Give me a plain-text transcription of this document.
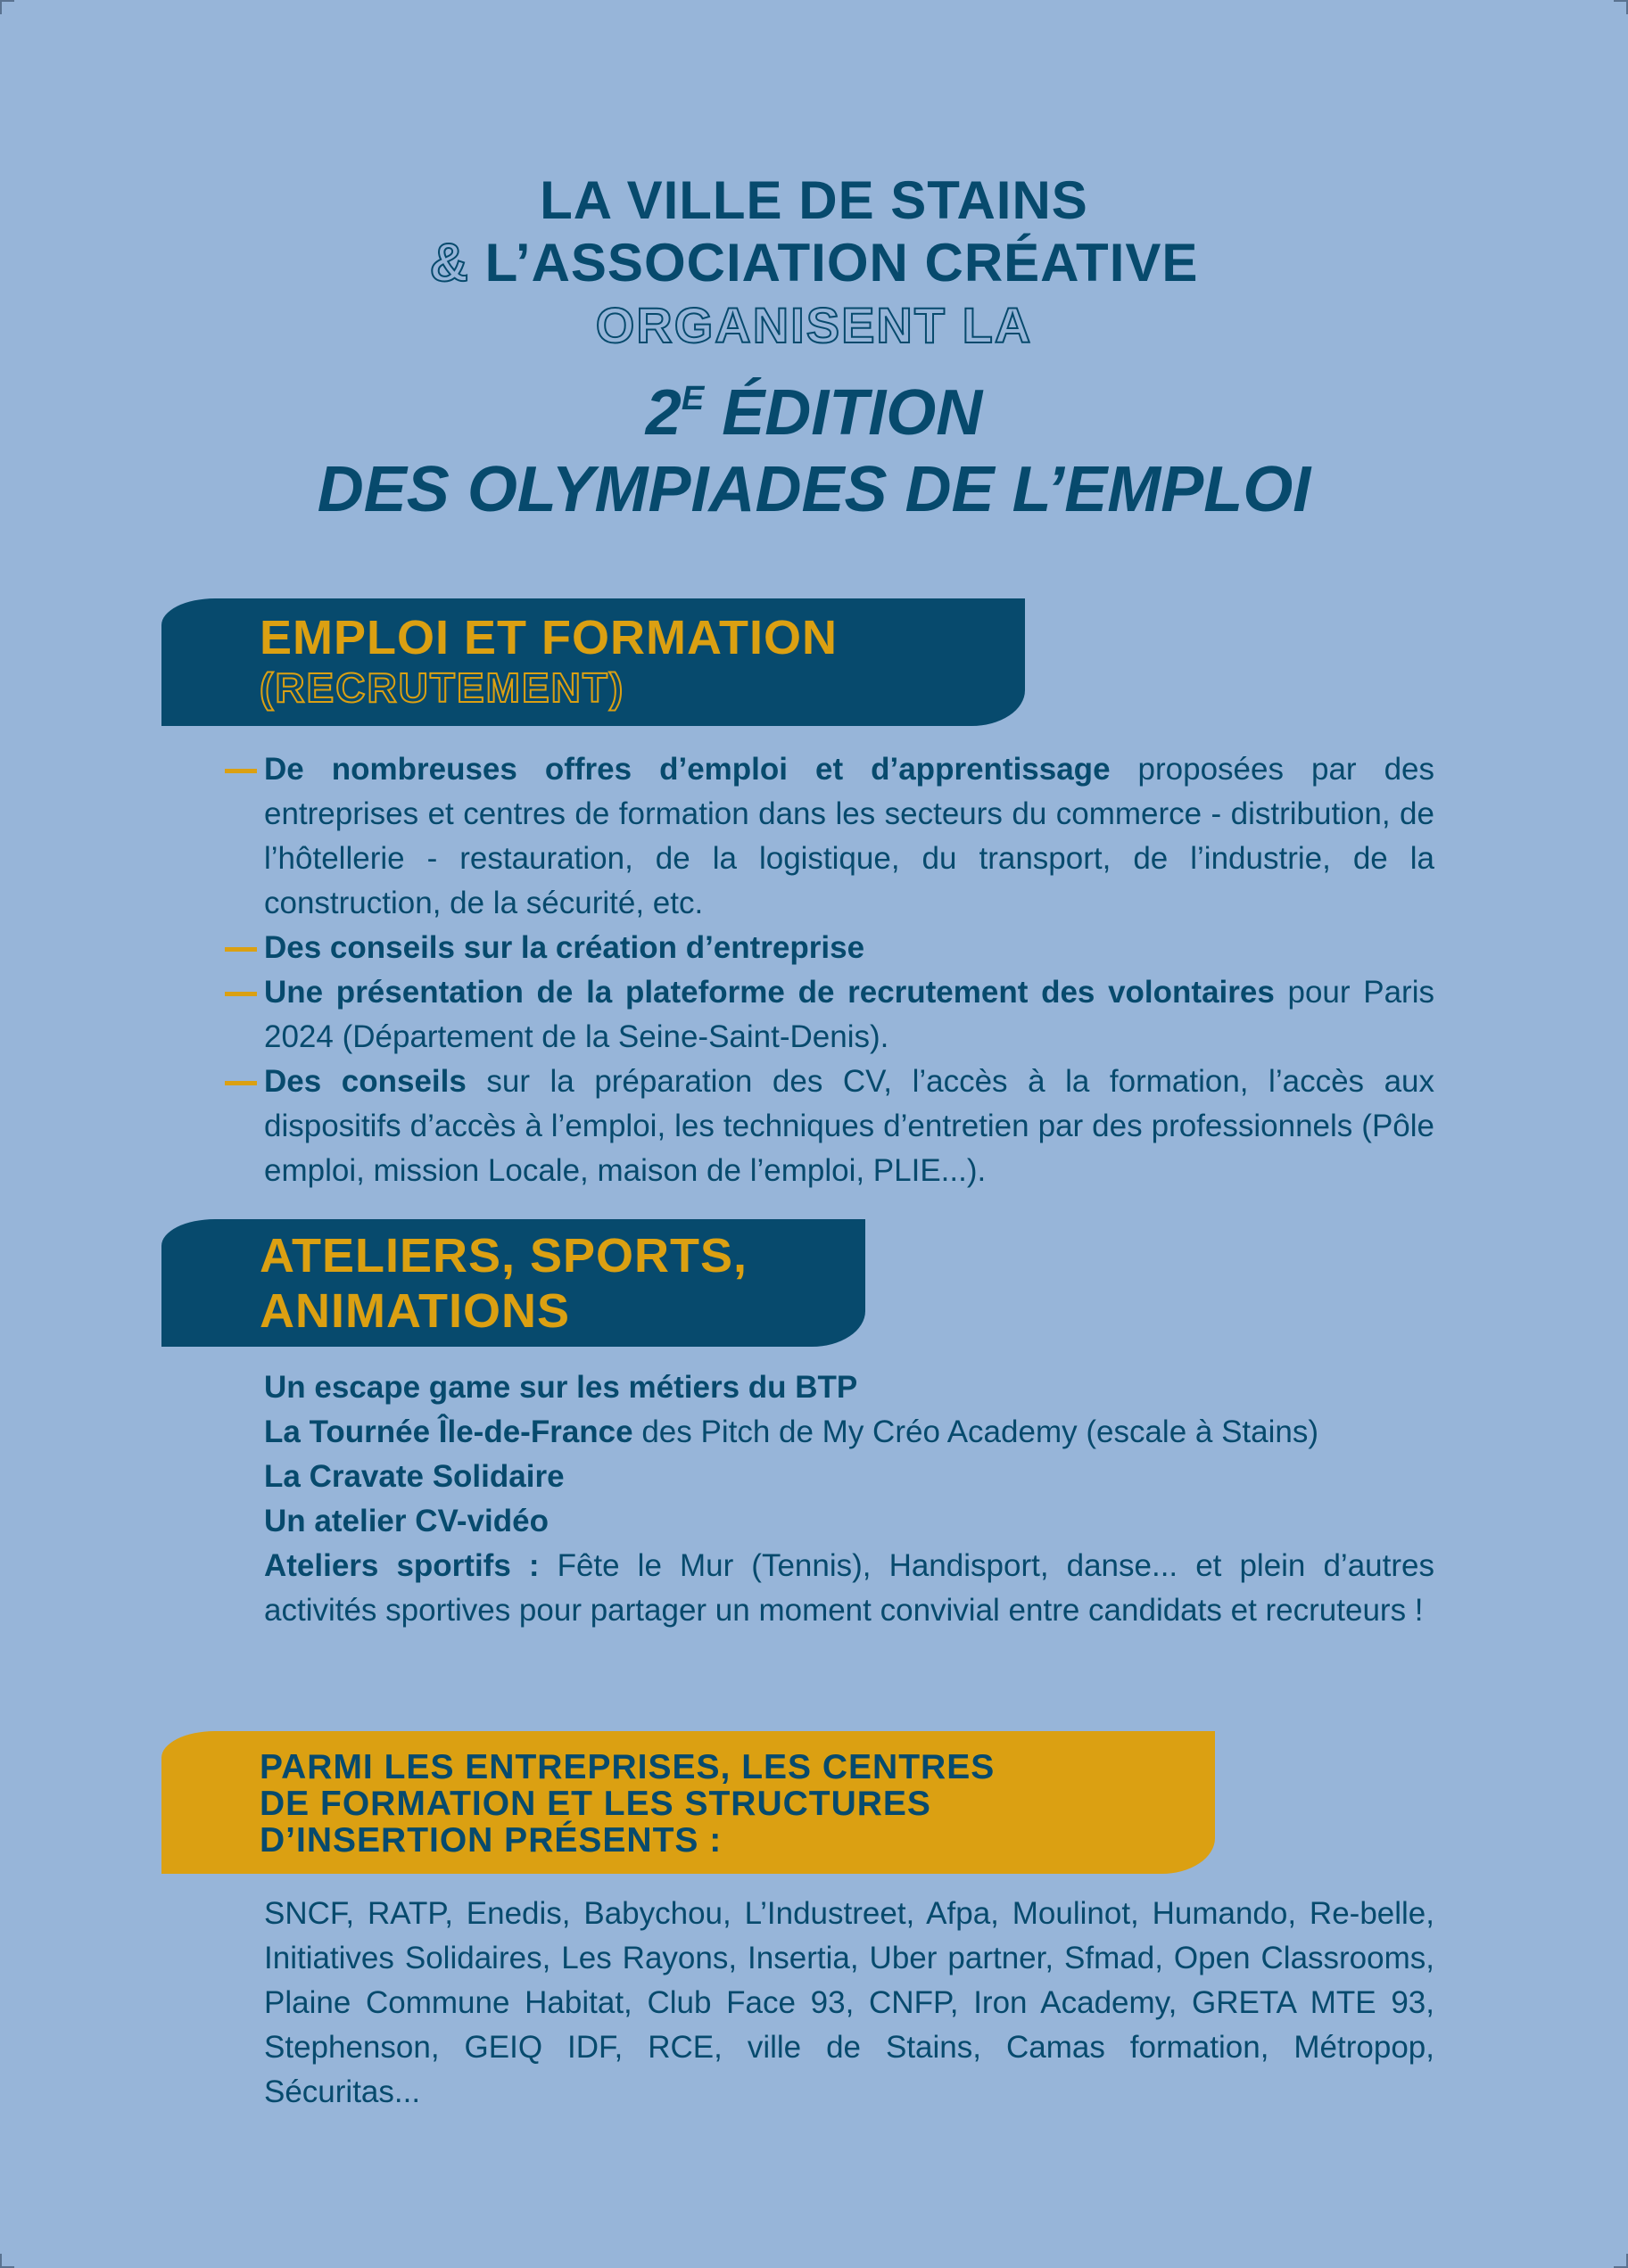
LA VILLE DE STAINS
& L’ASSOCIATION CRÉATIVE
ORGANISENT LA
$2^E$ ÉDITION
DES OLYMPIADES DE L’EMPLOI
EMPLOI ET FORMATION
(RECRUTEMENT)

De nombreuses offres d’emploi et d’apprentissage proposées par des entreprises et centres de formation dans les secteurs du commerce - distribution, de l’hôtellerie - restauration, de la logistique, du transport, de l’industrie, de la construction, de la sécurité, etc.

Des conseils sur la création d’entreprise

Une présentation de la plateforme de recrutement des volontaires pour Paris 2024 (Département de la Seine-Saint-Denis).

Des conseils sur la préparation des CV, l’accès à la formation, l’accès aux dispositifs d’accès à l’emploi, les techniques d’entretien par des professionnels (Pôle emploi, mission Locale, maison de l’emploi, PLIE...).

ATELIERS, SPORTS,
ANIMATIONS

Un escape game sur les métiers du BTP

La Tournée Île-de-France des Pitch de My Créo Academy (escale à Stains)

La Cravate Solidaire

Un atelier CV-vidéo

Ateliers sportifs : Fête le Mur (Tennis), Handisport, danse... et plein d’autres activités sportives pour partager un moment convivial entre candidats et recruteurs !

PARMI LES ENTREPRISES, LES CENTRES
DE FORMATION ET LES STRUCTURES
D’INSERTION PRÉSENTS :

SNCF, RATP, Enedis, Babychou, L’Industreet, Afpa, Moulinot, Humando, Re-belle, Initiatives Solidaires, Les Rayons, Insertia, Uber partner, Sfmad, Open Classrooms, Plaine Commune Habitat, Club Face 93, CNFP, Iron Academy, GRETA MTE 93, Stephenson, GEIQ IDF, RCE, ville de Stains, Camas formation, Métropop, Sécuritas...
